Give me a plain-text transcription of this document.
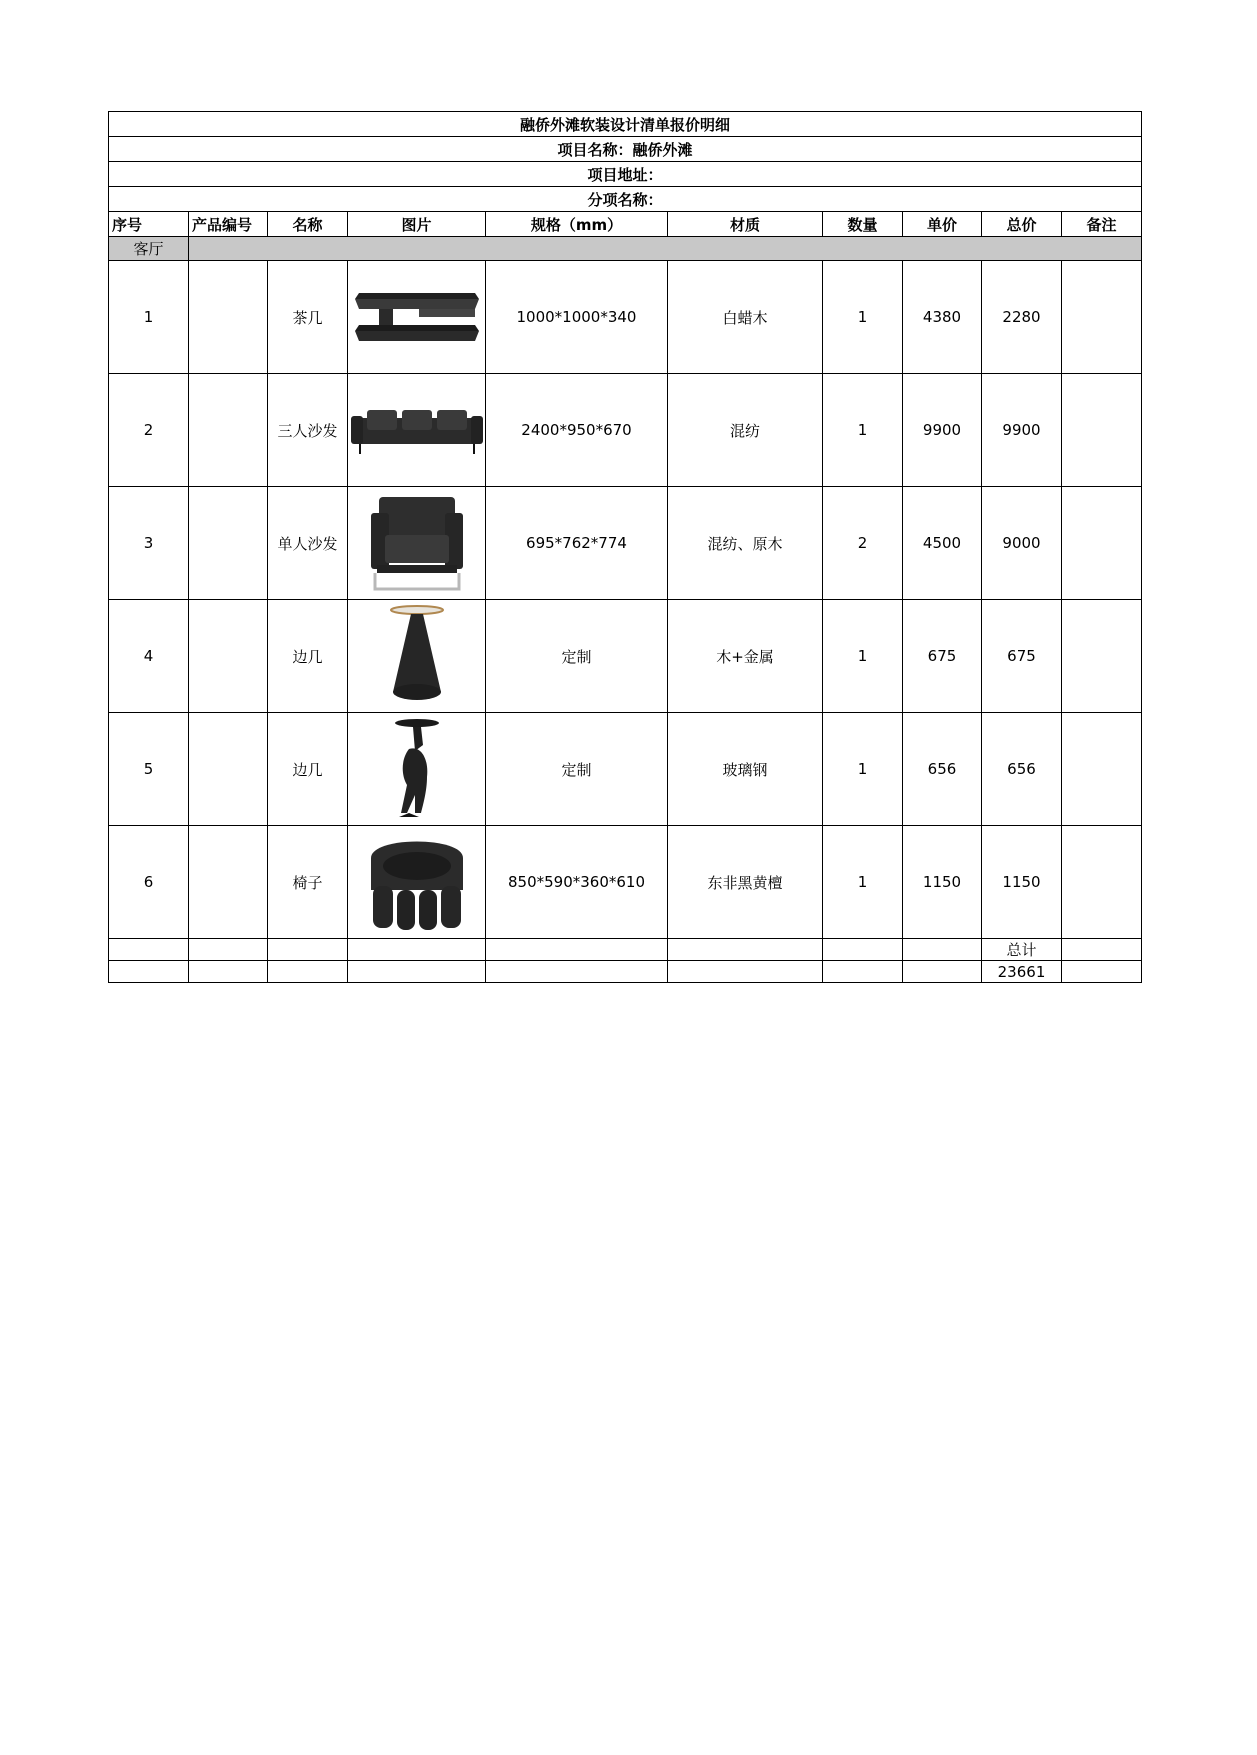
融侨外滩软装设计清单报价明细									
项目名称：融侨外滩									
项目地址：									
分项名称：									
序号	产品编号	名称	图片	规格（mm）	材质	数量	单价	总价	备注
客厅									
1		茶几		1000*1000*340	白蜡木	1	4380	2280	
2		三人沙发		2400*950*670	混纺	1	9900	9900	
3		单人沙发		695*762*774	混纺、原木	2	4500	9000	
4		边几		定制	木+金属	1	675	675	
5		边几		定制	玻璃钢	1	656	656	
6		椅子		850*590*360*610	东非黑黄檀	1	1150	1150	
								总计	
								23661	
